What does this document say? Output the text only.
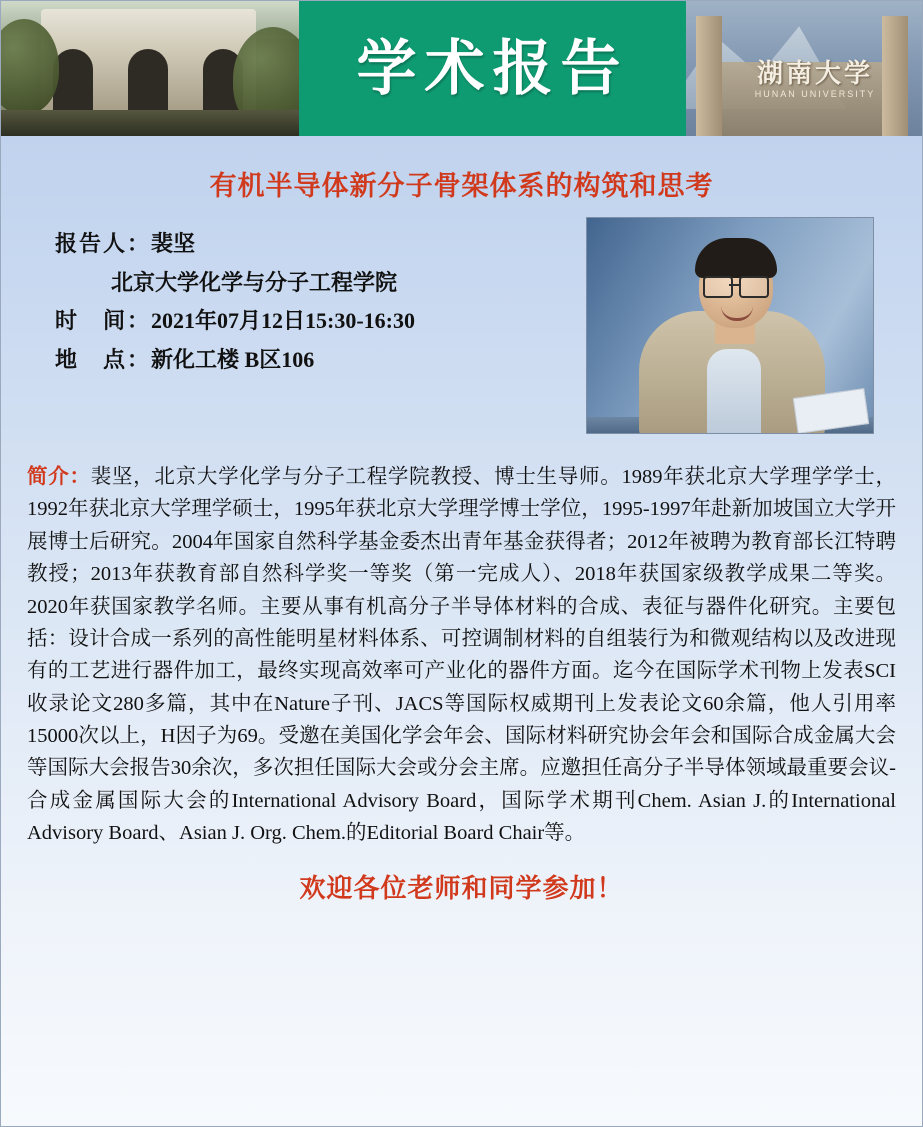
学术报告	湖南大学
HUNAN UNIVERSITY
有机半导体新分子骨架体系的构筑和思考
报告人：裴坚
北京大学化学与分子工程学院
时　间：2021年07月12日15:30-16:30
地　点：新化工楼 B区106
简介：裴坚，北京大学化学与分子工程学院教授、博士生导师。1989年获北京大学理学学士，1992年获北京大学理学硕士，1995年获北京大学理学博士学位，1995-1997年赴新加坡国立大学开展博士后研究。2004年国家自然科学基金委杰出青年基金获得者；2012年被聘为教育部长江特聘教授；2013年获教育部自然科学奖一等奖（第一完成人）、2018年获国家级教学成果二等奖。2020年获国家教学名师。主要从事有机高分子半导体材料的合成、表征与器件化研究。主要包括：设计合成一系列的高性能明星材料体系、可控调制材料的自组装行为和微观结构以及改进现有的工艺进行器件加工，最终实现高效率可产业化的器件方面。迄今在国际学术刊物上发表SCI收录论文280多篇，其中在Nature子刊、JACS等国际权威期刊上发表论文60余篇，他人引用率15000次以上，H因子为69。受邀在美国化学会年会、国际材料研究协会年会和国际合成金属大会等国际大会报告30余次，多次担任国际大会或分会主席。应邀担任高分子半导体领域最重要会议-合成金属国际大会的International Advisory Board，国际学术期刊Chem. Asian J.的International Advisory Board、Asian J. Org. Chem.的Editorial Board Chair等。
欢迎各位老师和同学参加！
